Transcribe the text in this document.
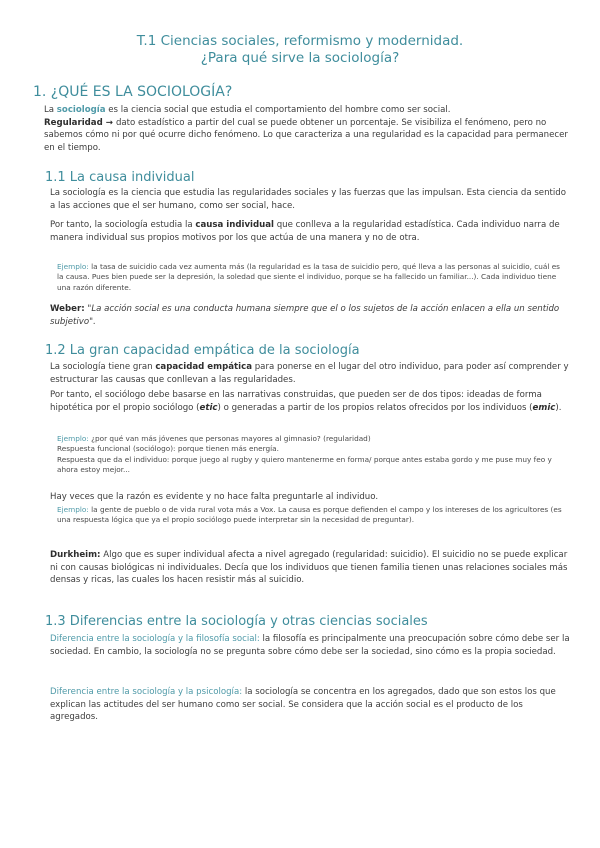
T.1 Ciencias sociales, reformismo y modernidad.
¿Para qué sirve la sociología?
1. ¿QUÉ ES LA SOCIOLOGÍA?
La sociología es la ciencia social que estudia el comportamiento del hombre como ser social.
Regularidad → dato estadístico a partir del cual se puede obtener un porcentaje. Se visibiliza el fenómeno, pero no sabemos cómo ni por qué ocurre dicho fenómeno. Lo que caracteriza a una regularidad es la capacidad para permanecer en el tiempo.
1.1 La causa individual
La sociología es la ciencia que estudia las regularidades sociales y las fuerzas que las impulsan. Esta ciencia da sentido a las acciones que el ser humano, como ser social, hace.
Por tanto, la sociología estudia la causa individual que conlleva a la regularidad estadística. Cada individuo narra de manera individual sus propios motivos por los que actúa de una manera y no de otra.
Ejemplo: la tasa de suicidio cada vez aumenta más (la regularidad es la tasa de suicidio pero, qué lleva a las personas al suicidio, cuál es la causa. Pues bien puede ser la depresión, la soledad que siente el individuo, porque se ha fallecido un familiar...). Cada individuo tiene una razón diferente.
Weber: "La acción social es una conducta humana siempre que el o los sujetos de la acción enlacen a ella un sentido subjetivo".
1.2 La gran capacidad empática de la sociología
La sociología tiene gran capacidad empática para ponerse en el lugar del otro individuo, para poder así comprender y estructurar las causas que conllevan a las regularidades.
Por tanto, el sociólogo debe basarse en las narrativas construidas, que pueden ser de dos tipos: ideadas de forma hipotética por el propio sociólogo (etic) o generadas a partir de los propios relatos ofrecidos por los individuos (emic).
Ejemplo: ¿por qué van más jóvenes que personas mayores al gimnasio? (regularidad)
Respuesta funcional (sociólogo): porque tienen más energía.
Respuesta que da el individuo: porque juego al rugby y quiero mantenerme en forma/ porque antes estaba gordo y me puse muy feo y ahora estoy mejor...
Hay veces que la razón es evidente y no hace falta preguntarle al individuo.
Ejemplo: la gente de pueblo o de vida rural vota más a Vox. La causa es porque defienden el campo y los intereses de los agricultores (es una respuesta lógica que ya el propio sociólogo puede interpretar sin la necesidad de preguntar).
Durkheim: Algo que es super individual afecta a nivel agregado (regularidad: suicidio). El suicidio no se puede explicar ni con causas biológicas ni individuales. Decía que los individuos que tienen familia tienen unas relaciones sociales más densas y ricas, las cuales los hacen resistir más al suicidio.
1.3 Diferencias entre la sociología y otras ciencias sociales
Diferencia entre la sociología y la filosofía social: la filosofía es principalmente una preocupación sobre cómo debe ser la sociedad. En cambio, la sociología no se pregunta sobre cómo debe ser la sociedad, sino cómo es la propia sociedad.
Diferencia entre la sociología y la psicología: la sociología se concentra en los agregados, dado que son estos los que explican las actitudes del ser humano como ser social. Se considera que la acción social es el producto de los agregados.
